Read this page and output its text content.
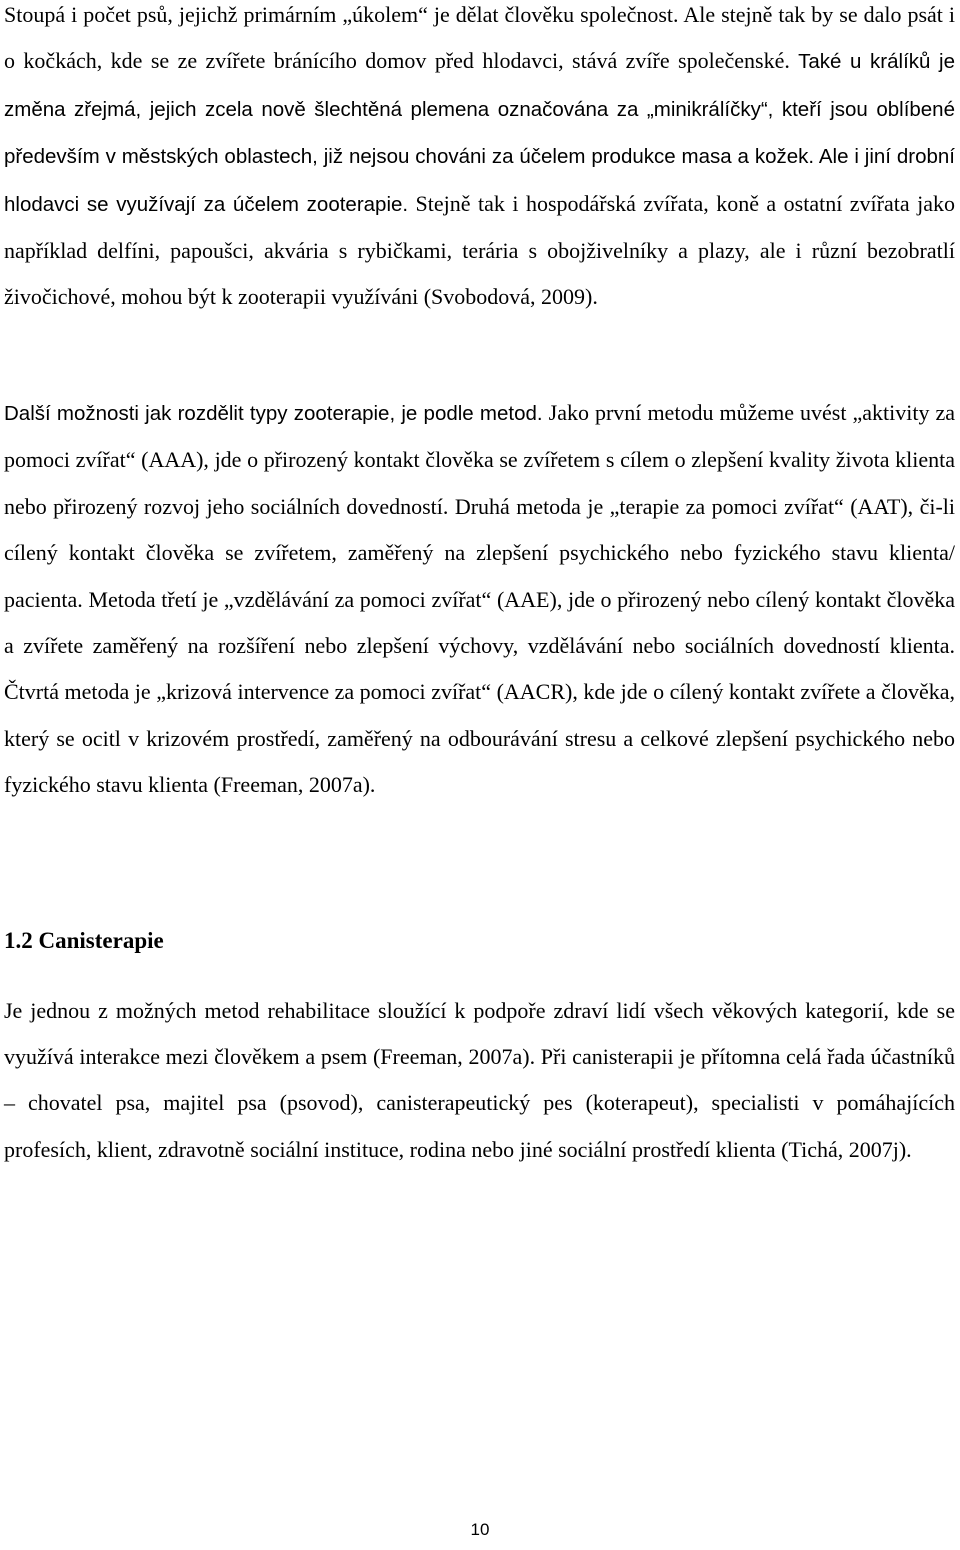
Stoupá i počet psů, jejichž primárním „úkolem“ je dělat člověku společnost. Ale stejně tak by se dalo psát i o kočkách, kde se ze zvířete bránícího domov před hlodavci, stává zvíře společenské. Také u králíků je změna zřejmá, jejich zcela nově šlechtěná plemena označována za „minikrálíčky“, kteří jsou oblíbené především v městských oblastech, již nejsou chováni za účelem produkce masa a kožek. Ale i jiní drobní hlodavci se využívají za účelem zooterapie. Stejně tak i hospodářská zvířata, koně a ostatní zvířata jako například delfíni, papoušci, akvária s rybičkami, terária s obojživelníky a plazy, ale i různí bezobratlí živočichové, mohou být k zooterapii využíváni (Svobodová, 2009).

Další možnosti jak rozdělit typy zooterapie, je podle metod. Jako první metodu můžeme uvést „aktivity za pomoci zvířat“ (AAA), jde o přirozený kontakt člověka se zvířetem s cílem o zlepšení kvality života klienta nebo přirozený rozvoj jeho sociálních dovedností. Druhá metoda je „terapie za pomoci zvířat“ (AAT), či-li cílený kontakt člověka se zvířetem, zaměřený na zlepšení psychického nebo fyzického stavu klienta/ pacienta. Metoda třetí je „vzdělávání za pomoci zvířat“ (AAE), jde o přirozený nebo cílený kontakt člověka a zvířete zaměřený na rozšíření nebo zlepšení výchovy, vzdělávání nebo sociálních dovedností klienta. Čtvrtá metoda je „krizová intervence za pomoci zvířat“ (AACR), kde jde o cílený kontakt zvířete a člověka, který se ocitl v krizovém prostředí, zaměřený na odbourávání stresu a celkové zlepšení psychického nebo fyzického stavu klienta (Freeman, 2007a).

1.2 Canisterapie

Je jednou z možných metod rehabilitace sloužící k podpoře zdraví lidí všech věkových kategorií, kde se využívá interakce mezi člověkem a psem (Freeman, 2007a). Při canisterapii je přítomna celá řada účastníků – chovatel psa, majitel psa (psovod), canisterapeutický pes (koterapeut), specialisti v pomáhajících profesích, klient, zdravotně sociální instituce, rodina nebo jiné sociální prostředí klienta (Tichá, 2007j).

10
